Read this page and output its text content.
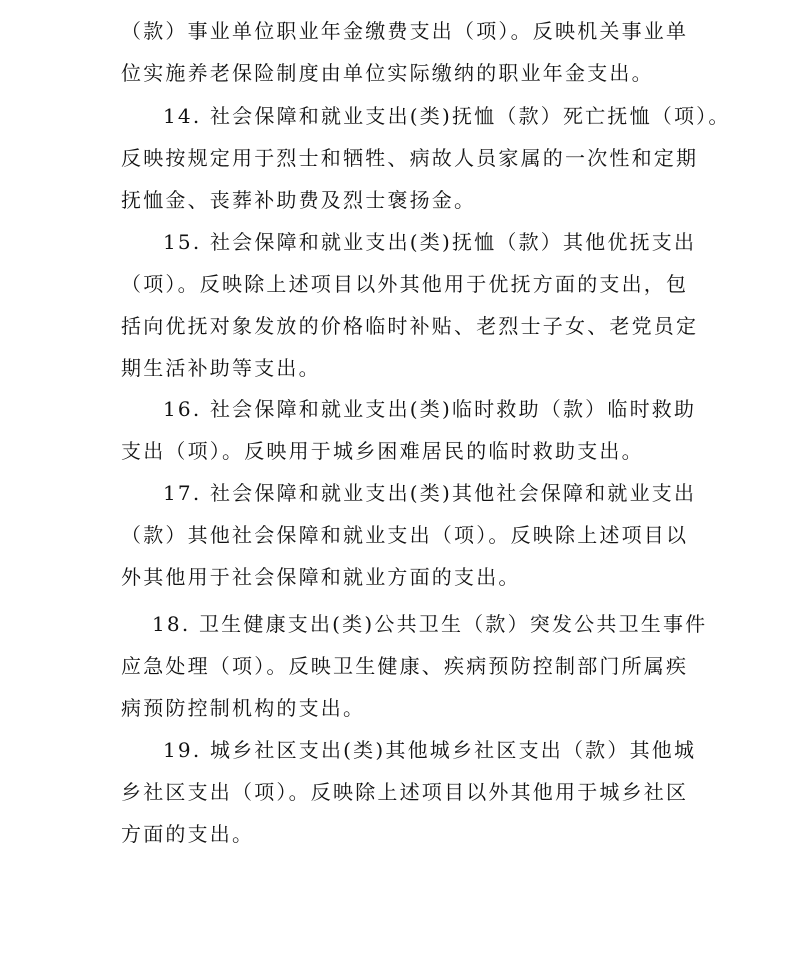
（款）事业单位职业年金缴费支出（项）。反映机关事业单
位实施养老保险制度由单位实际缴纳的职业年金支出。
14. 社会保障和就业支出(类)抚恤（款）死亡抚恤（项）。
反映按规定用于烈士和牺牲、病故人员家属的一次性和定期
抚恤金、丧葬补助费及烈士褒扬金。
15. 社会保障和就业支出(类)抚恤（款）其他优抚支出
（项）。反映除上述项目以外其他用于优抚方面的支出，包
括向优抚对象发放的价格临时补贴、老烈士子女、老党员定
期生活补助等支出。
16. 社会保障和就业支出(类)临时救助（款）临时救助
支出（项）。反映用于城乡困难居民的临时救助支出。
17. 社会保障和就业支出(类)其他社会保障和就业支出
（款）其他社会保障和就业支出（项）。反映除上述项目以
外其他用于社会保障和就业方面的支出。
18. 卫生健康支出(类)公共卫生（款）突发公共卫生事件
应急处理（项）。反映卫生健康、疾病预防控制部门所属疾
病预防控制机构的支出。
19. 城乡社区支出(类)其他城乡社区支出（款）其他城
乡社区支出（项）。反映除上述项目以外其他用于城乡社区
方面的支出。
